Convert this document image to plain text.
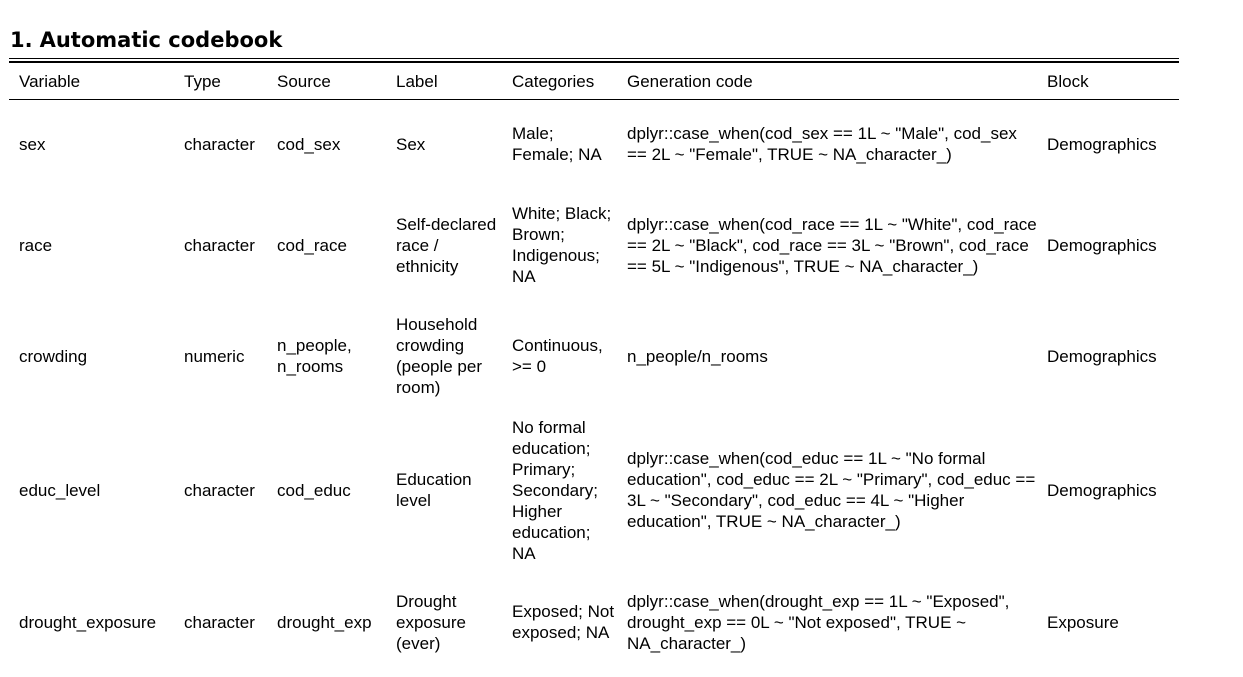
1. Automatic codebook
Variable	Type	Source	Label	Categories	Generation code	Block
sex	character	cod_sex	Sex	Male; Female; NA	dplyr::case_when(cod_sex == 1L ~ "Male", cod_sex == 2L ~ "Female", TRUE ~ NA_character_)	Demographics
race	character	cod_race	Self-declared race / ethnicity	White; Black; Brown; Indigenous; NA	dplyr::case_when(cod_race == 1L ~ "White", cod_race == 2L ~ "Black", cod_race == 3L ~ "Brown", cod_race == 5L ~ "Indigenous", TRUE ~ NA_character_)	Demographics
crowding	numeric	n_people, n_rooms	Household crowding (people per room)	Continuous, >= 0	n_people/n_rooms	Demographics
educ_level	character	cod_educ	Education level	No formal education; Primary; Secondary; Higher education; NA	dplyr::case_when(cod_educ == 1L ~ "No formal education", cod_educ == 2L ~ "Primary", cod_educ == 3L ~ "Secondary", cod_educ == 4L ~ "Higher education", TRUE ~ NA_character_)	Demographics
drought_exposure	character	drought_exp	Drought exposure (ever)	Exposed; Not exposed; NA	dplyr::case_when(drought_exp == 1L ~ "Exposed", drought_exp == 0L ~ "Not exposed", TRUE ~ NA_character_)	Exposure
